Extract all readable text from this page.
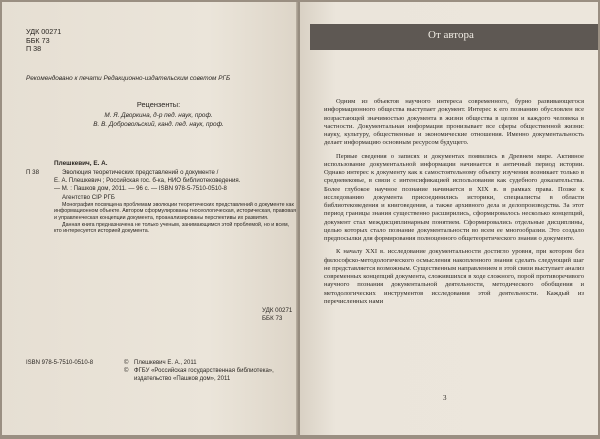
УДК 00271
ББК 73
П 38
Рекомендовано к печати Редакционно-издательским советом РГБ
Рецензенты:
М. Я. Дворкина, д-р пед. наук, проф.
В. В. Добровольский, канд. пед. наук, проф.
П 38
Плешкевич, Е. А.

Эволюция теоретических представлений о документе /

Е. А. Плешкевич ; Российская гос. б-ка, НИО библиотековедения.

— М. : Пашков дом, 2011. — 96 с. — ISBN 978-5-7510-0510-8

Агентство CIP РГБ

Монография посвящена проблемам эволюции теоретических представлений о документе как информационном объекте. Автором сформулированы гносеологическая, историческая, правовая и управленческая концепции документа, проанализированы перспективы их развития.

Данная книга предназначена не только ученым, занимающимся этой проблемой, но и всем, кто интересуется историей документа.

УДК 00271
ББК 73
ISBN 978-5-7510-0510-8	© Плешкевич Е. А., 2011
© ФГБУ «Российская государственная библиотека», издательство «Пашков дом», 2011
От автора

Одним из объектов научного интереса современного, бурно развивающегося информационного общества выступает документ. Интерес к его познанию обусловлен все возрастающей значимостью документа в жизни общества в целом и каждого человека в частности. Документальная информация пронизывает все сферы общественной жизни: науку, культуру, общественные и экономические отношения. Именно документальность делает информацию основным ресурсом будущего.

Первые сведения о записях и документах появились в Древнем мире. Активное использование документальной информации начинается в античный период истории. Однако интерес к документу как к самостоятельному объекту изучения возникает только в средневековье, в связи с интенсификацией использования как судебного доказательства. Более глубокое научное познание начинается в XIX в. в рамках права. Позже к исследованию документа присоединились историки, специалисты в области библиотековедения и книговедения, а также архивного дела и делопроизводства. За этот период границы знания существенно расширились, сформировалось несколько концепций, документ стал междисциплинарным понятием. Сформировались отдельные дисциплины, целью которых стало познание документальности во всем ее многообразии. Это создало предпосылки для формирования полноценного общетеоретического знания о документе.

К началу XXI в. исследование документальности достигло уровня, при котором без философско-методологического осмысления накопленного знания сделать следующий шаг не представляется возможным. Существенным направлением в этой связи выступает анализ современных концепций документа, сложившихся в ходе сложного, порой противоречивого научного познания документальной деятельности, методического обобщения и методологических инструментов исследования этой деятельности. Каждый из перечисленных нами

3
